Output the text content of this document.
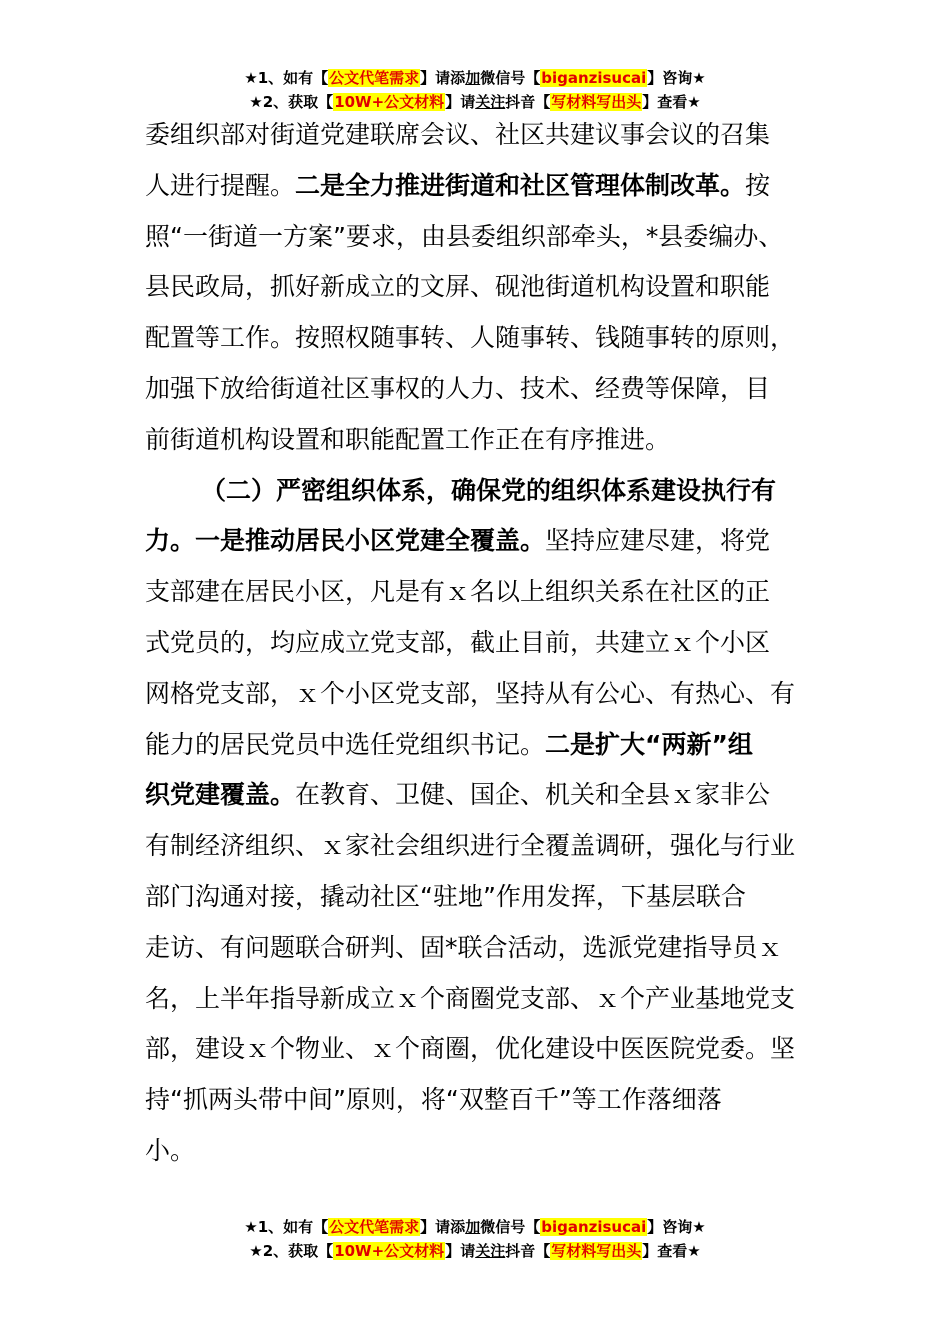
★1、如有【公文代笔需求】请添加微信号【biganzisucai】咨询★
★2、获取【10W+公文材料】请关注抖音【写材料写出头】查看★

委组织部对街道党建联席会议、社区共建议事会议的召集
人进行提醒。二是全力推进街道和社区管理体制改革。按
照“一街道一方案”要求，由县委组织部牵头，*县委编办、
县民政局，抓好新成立的文屏、砚池街道机构设置和职能
配置等工作。按照权随事转、人随事转、钱随事转的原则，
加强下放给街道社区事权的人力、技术、经费等保障，目
前街道机构设置和职能配置工作正在有序推进。

（二）严密组织体系，确保党的组织体系建设执行有
力。一是推动居民小区党建全覆盖。坚持应建尽建，将党
支部建在居民小区，凡是有ｘ名以上组织关系在社区的正
式党员的，均应成立党支部，截止目前，共建立ｘ个小区
网格党支部，ｘ个小区党支部，坚持从有公心、有热心、有
能力的居民党员中选任党组织书记。二是扩大“两新”组
织党建覆盖。在教育、卫健、国企、机关和全县ｘ家非公
有制经济组织、ｘ家社会组织进行全覆盖调研，强化与行业
部门沟通对接，撬动社区“驻地”作用发挥，下基层联合
走访、有问题联合研判、固*联合活动，选派党建指导员ｘ
名，上半年指导新成立ｘ个商圈党支部、ｘ个产业基地党支
部，建设ｘ个物业、ｘ个商圈，优化建设中医医院党委。坚
持“抓两头带中间”原则，将“双整百千”等工作落细落
小。

★1、如有【公文代笔需求】请添加微信号【biganzisucai】咨询★
★2、获取【10W+公文材料】请关注抖音【写材料写出头】查看★
